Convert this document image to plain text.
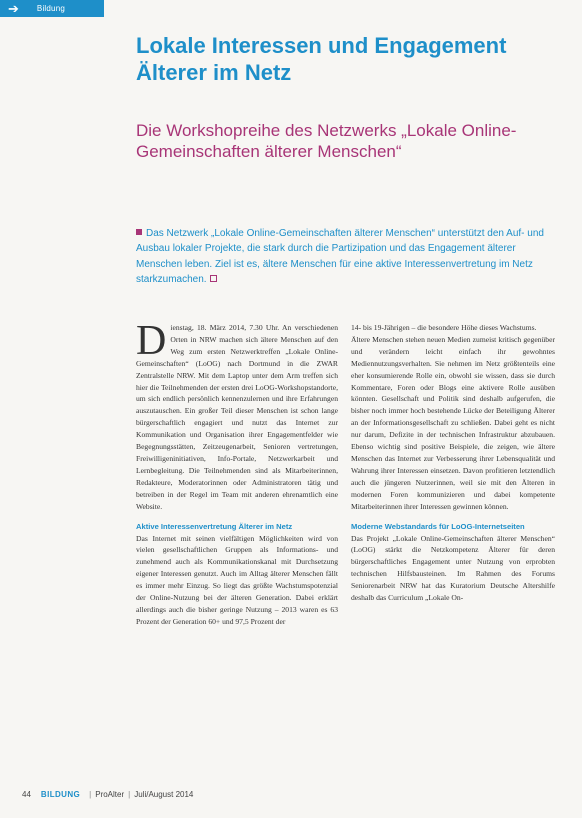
➔ Bildung
Lokale Interessen und Engagement Älterer im Netz
Die Workshopreihe des Netzwerks „Lokale Online-Gemeinschaften älterer Menschen“

Das Netzwerk „Lokale Online-Gemeinschaften älterer Menschen“ unterstützt den Auf- und Ausbau lokaler Projekte, die stark durch die Partizipation und das Engagement älterer Menschen leben. Ziel ist es, ältere Menschen für eine aktive Interessenvertretung im Netz starkzumachen.

Dienstag, 18. März 2014, 7.30 Uhr. An verschiedenen Orten in NRW machen sich ältere Menschen auf den Weg zum ersten Netzwerktreffen „Lokale Online-Gemeinschaften“ (LoOG) nach Dortmund in die ZWAR Zentralstelle NRW. Mit dem Laptop unter dem Arm treffen sich hier die Teilnehmenden der ersten drei LoOG-Workshopstandorte, um sich endlich persönlich kennenzulernen und ihre Erfahrungen auszutauschen. Ein großer Teil dieser Menschen ist schon lange bürgerschaftlich engagiert und nutzt das Internet zur Kommunikation und Organisation ihrer Engagementfelder wie Begegnungsstätten, Zeitzeugenarbeit, Senioren vertretungen, Freiwilligeninitiativen, Info-Portale, Netzwerkarbeit und Lernbegleitung. Die Teilnehmenden sind als Mitarbeiterinnen, Redakteure, Moderatorinnen oder Administratoren tätig und betreiben in der Regel im Team mit anderen ehrenamtlich eine Website.

Aktive Interessenvertretung Älterer im Netz

Das Internet mit seinen vielfältigen Möglichkeiten wird von vielen gesellschaftlichen Gruppen als Informations- und zunehmend auch als Kommunikationskanal mit Durchsetzung eigener Interessen genutzt. Auch im Alltag älterer Menschen fällt es immer mehr Einzug. So liegt das größte Wachstumspotenzial der Online-Nutzung bei der älteren Generation. Dabei erklärt allerdings auch die bisher geringe Nutzung – 2013 waren es 63 Prozent der Generation 60+ und 97,5 Prozent der

14- bis 19-Jährigen – die besondere Höhe dieses Wachstums.

Ältere Menschen stehen neuen Medien zumeist kritisch gegenüber und verändern leicht einfach ihr gewohntes Mediennutzungsverhalten. Sie nehmen im Netz größtenteils eine eher konsumierende Rolle ein, obwohl sie wissen, dass sie durch Kommentare, Foren oder Blogs eine aktivere Rolle ausüben könnten. Gesellschaft und Politik sind deshalb aufgerufen, die bisher noch immer hoch bestehende Lücke der Beteiligung Älterer an der Informationsgesellschaft zu schließen. Dabei geht es nicht nur darum, Defizite in der technischen Infrastruktur abzubauen. Ebenso wichtig sind positive Beispiele, die zeigen, wie ältere Menschen das Internet zur Verbesserung ihrer Lebensqualität und Wahrung ihrer Interessen einsetzen. Davon profitieren letztendlich auch die jüngeren Nutzerinnen, weil sie mit den Älteren in modernen Foren kommunizieren und dabei kompetente Mitarbeiterinnen ihrer Interessen gewinnen können.

Moderne Webstandards für LoOG-Internetseiten

Das Projekt „Lokale Online-Gemeinschaften älterer Menschen“ (LoOG) stärkt die Netzkompetenz Älterer für deren bürgerschaftliches Engagement unter Nutzung von erprobten technischen Hilfsbausteinen. Im Rahmen des Forums Seniorenarbeit NRW hat das Kuratorium Deutsche Altershilfe deshalb das Curriculum „Lokale On-

44 BILDUNG | ProAlter | Juli/August 2014
